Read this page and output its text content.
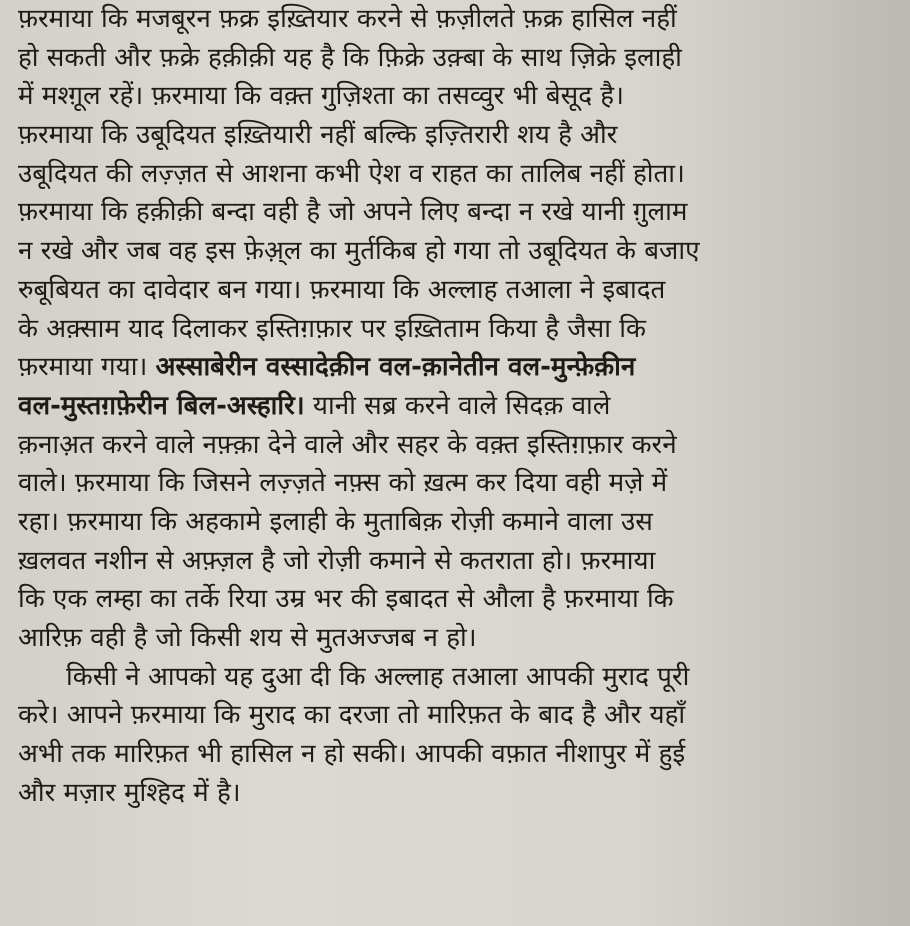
फ़रमाया कि मजबूरन फ़क्र इख़्तियार करने से फ़ज़ीलते फ़क्र हासिल नहीं
हो सकती और फ़क्रे हक़ीक़ी यह है कि फ़िक्रे उक़्बा के साथ ज़िक्रे इलाही
में मश्ग़ूल रहें। फ़रमाया कि वक़्त गुज़िश्ता का तसव्वुर भी बेसूद है।
फ़रमाया कि उबूदियत इख़्तियारी नहीं बल्कि इज़्तिरारी शय है और
उबूदियत की लज़्ज़त से आशना कभी ऐश व राहत का तालिब नहीं होता।
फ़रमाया कि हक़ीक़ी बन्दा वही है जो अपने लिए बन्दा न रखे यानी ग़ुलाम
न रखे और जब वह इस फ़ेअ़्ल का मुर्तकिब हो गया तो उबूदियत के बजाए
रुबूबियत का दावेदार बन गया। फ़रमाया कि अल्लाह तआला ने इबादत
के अक़्साम याद दिलाकर इस्तिग़फ़ार पर इख़्तिताम किया है जैसा कि
फ़रमाया गया। अस्साबेरीन वस्सादेक़ीन वल-क़ानेतीन वल-मुन्फ़ेक़ीन
वल-मुस्तग़फ़ेरीन बिल-अस्हारि। यानी सब्र करने वाले सिदक़ वाले
क़नाअ़त करने वाले नफ़्क़ा देने वाले और सहर के वक़्त इस्तिग़फ़ार करने
वाले। फ़रमाया कि जिसने लज़्ज़ते नफ़्स को ख़त्म कर दिया वही मज़े में
रहा। फ़रमाया कि अहकामे इलाही के मुताबिक़ रोज़ी कमाने वाला उस
ख़लवत नशीन से अफ़्ज़ल है जो रोज़ी कमाने से कतराता हो। फ़रमाया
कि एक लम्हा का तर्के रिया उम्र भर की इबादत से औला है फ़रमाया कि
आरिफ़ वही है जो किसी शय से मुतअज्जब न हो।
किसी ने आपको यह दुआ दी कि अल्लाह तआला आपकी मुराद पूरी
करे। आपने फ़रमाया कि मुराद का दरजा तो मारिफ़त के बाद है और यहाँ
अभी तक मारिफ़त भी हासिल न हो सकी। आपकी वफ़ात नीशापुर में हुई
और मज़ार मुश्हिद में है।
